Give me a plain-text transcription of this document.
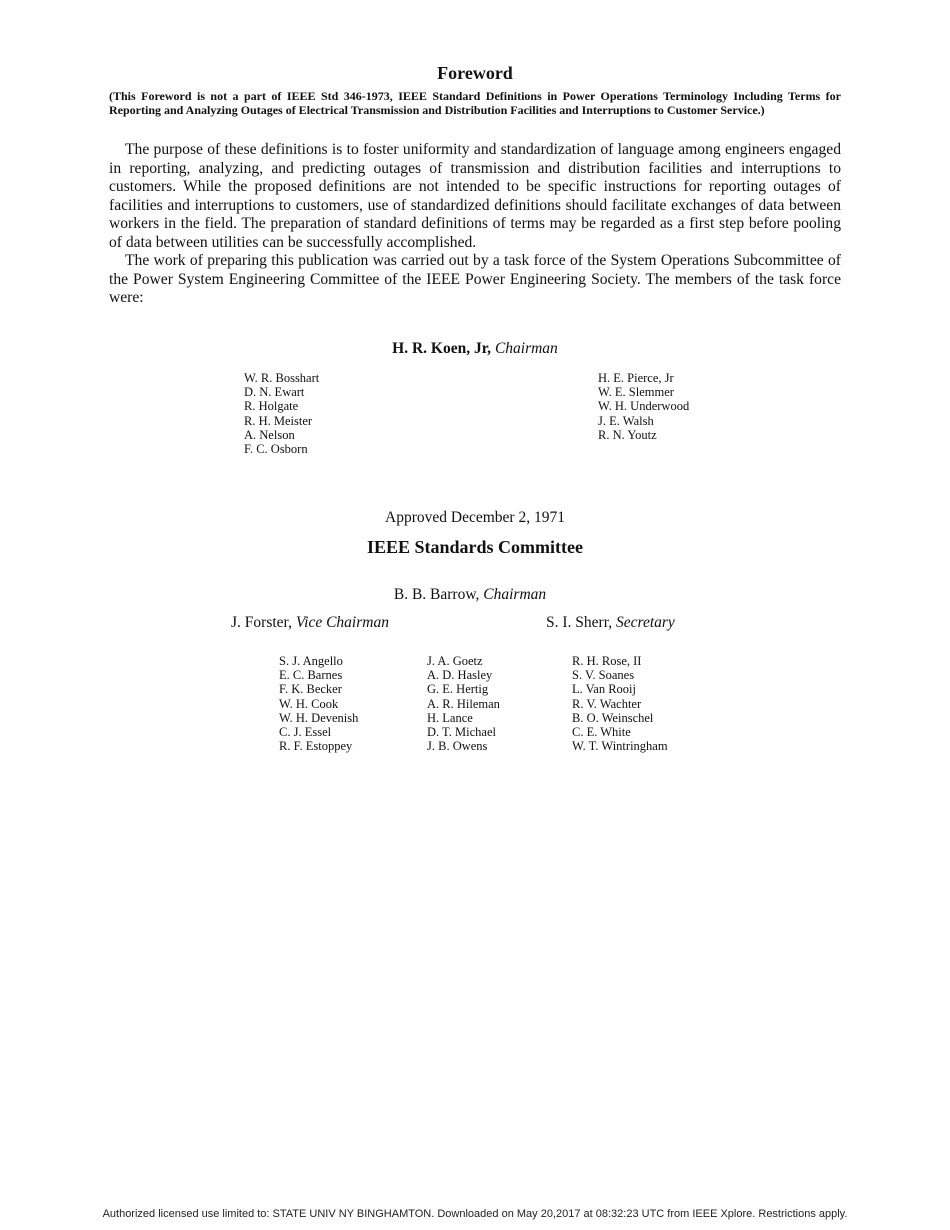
Foreword
(This Foreword is not a part of IEEE Std 346-1973, IEEE Standard Definitions in Power Operations Terminology Including Terms for Reporting and Analyzing Outages of Electrical Transmission and Distribution Facilities and Interruptions to Customer Service.)

The purpose of these definitions is to foster uniformity and standardization of language among engineers engaged in reporting, analyzing, and predicting outages of transmission and distribution facilities and interruptions to customers. While the proposed definitions are not intended to be specific instructions for reporting outages of facilities and interruptions to customers, use of standardized definitions should facilitate exchanges of data between workers in the field. The preparation of standard definitions of terms may be regarded as a first step before pooling of data between utilities can be successfully accomplished.

The work of preparing this publication was carried out by a task force of the System Operations Subcommittee of the Power System Engineering Committee of the IEEE Power Engineering Society. The members of the task force were:

H. R. Koen, Jr, Chairman
W. R. Bosshart
D. N. Ewart
R. Holgate
R. H. Meister
A. Nelson
F. C. Osborn
H. E. Pierce, Jr
W. E. Slemmer
W. H. Underwood
J. E. Walsh
R. N. Youtz
Approved December 2, 1971
IEEE Standards Committee
B. B. Barrow, Chairman
J. Forster, Vice Chairman	S. I. Sherr, Secretary
S. J. Angello
E. C. Barnes
F. K. Becker
W. H. Cook
W. H. Devenish
C. J. Essel
R. F. Estoppey
J. A. Goetz
A. D. Hasley
G. E. Hertig
A. R. Hileman
H. Lance
D. T. Michael
J. B. Owens
R. H. Rose, II
S. V. Soanes
L. Van Rooij
R. V. Wachter
B. O. Weinschel
C. E. White
W. T. Wintringham
Authorized licensed use limited to: STATE UNIV NY BINGHAMTON. Downloaded on May 20,2017 at 08:32:23 UTC from IEEE Xplore. Restrictions apply.
